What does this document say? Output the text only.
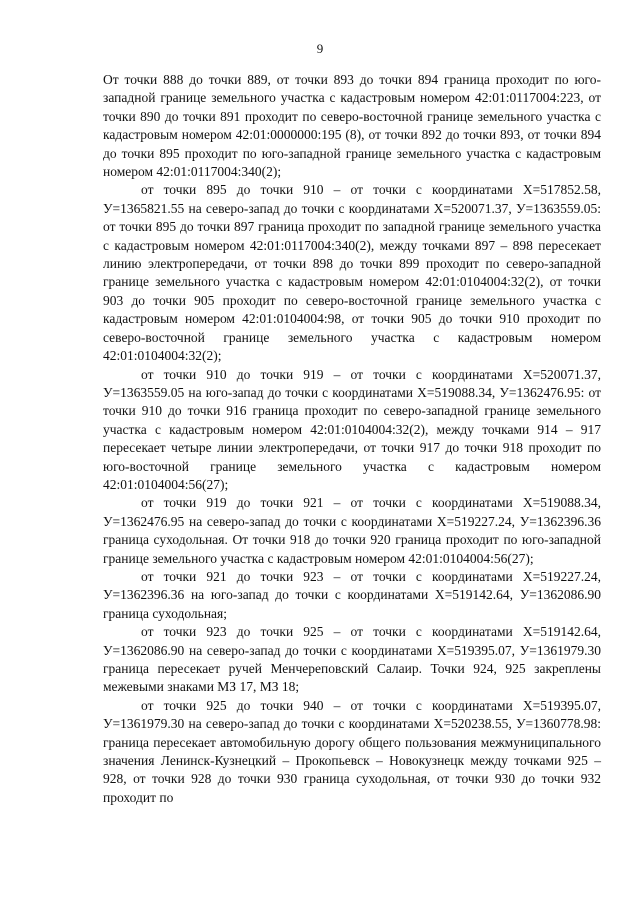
9

От точки 888 до точки 889, от точки 893 до точки 894 граница проходит по юго-западной границе земельного участка с кадастровым номером 42:01:0117004:223, от точки 890 до точки 891 проходит по северо-восточной границе земельного участка с кадастровым номером 42:01:0000000:195 (8), от точки 892 до точки 893, от точки 894 до точки 895 проходит по юго-западной границе земельного участка с кадастровым номером 42:01:0117004:340(2);

от точки 895 до точки 910 – от точки с координатами X=517852.58, У=1365821.55 на северо-запад до точки с координатами X=520071.37, У=1363559.05: от точки 895 до точки 897 граница проходит по западной границе земельного участка с кадастровым номером 42:01:0117004:340(2), между точками 897 – 898 пересекает линию электропередачи, от точки 898 до точки 899 проходит по северо-западной границе земельного участка с кадастровым номером 42:01:0104004:32(2), от точки 903 до точки 905 проходит по северо-восточной границе земельного участка с кадастровым номером 42:01:0104004:98, от точки 905 до точки 910 проходит по северо-восточной границе земельного участка с кадастровым номером 42:01:0104004:32(2);

от точки 910 до точки 919 – от точки с координатами X=520071.37, У=1363559.05 на юго-запад до точки с координатами X=519088.34, У=1362476.95: от точки 910 до точки 916 граница проходит по северо-западной границе земельного участка с кадастровым номером 42:01:0104004:32(2), между точками 914 – 917 пересекает четыре линии электропередачи, от точки 917 до точки 918 проходит по юго-восточной границе земельного участка с кадастровым номером 42:01:0104004:56(27);

от точки 919 до точки 921 – от точки с координатами X=519088.34, У=1362476.95 на северо-запад до точки с координатами X=519227.24, У=1362396.36 граница суходольная. От точки 918 до точки 920 граница проходит по юго-западной границе земельного участка с кадастровым номером 42:01:0104004:56(27);

от точки 921 до точки 923 – от точки с координатами X=519227.24, У=1362396.36 на юго-запад до точки с координатами X=519142.64, У=1362086.90 граница суходольная;

от точки 923 до точки 925 – от точки с координатами X=519142.64, У=1362086.90 на северо-запад до точки с координатами X=519395.07, У=1361979.30 граница пересекает ручей Менчереповский Салаир. Точки 924, 925 закреплены межевыми знаками МЗ 17, МЗ 18;

от точки 925 до точки 940 – от точки с координатами X=519395.07, У=1361979.30 на северо-запад до точки с координатами X=520238.55, У=1360778.98: граница пересекает автомобильную дорогу общего пользования межмуниципального значения Ленинск-Кузнецкий – Прокопьевск – Новокузнецк между точками 925 – 928, от точки 928 до точки 930 граница суходольная, от точки 930 до точки 932 проходит по
